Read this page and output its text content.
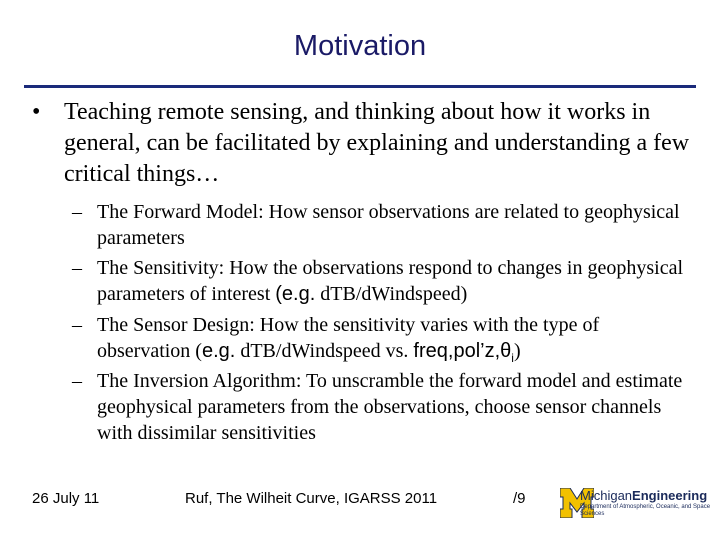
Motivation
• Teaching remote sensing, and thinking about how it works in general, can be facilitated by explaining and understanding a few critical things…
– The Forward Model: How sensor observations are related to geophysical parameters
– The Sensitivity: How the observations respond to changes in geophysical parameters of interest (e.g. dTB/dWindspeed)
– The Sensor Design: How the sensitivity varies with the type of observation (e.g. dTB/dWindspeed vs. $freq,pol’z,\theta_i$)
– The Inversion Algorithm: To unscramble the forward model and estimate geophysical parameters from the observations, choose sensor channels with dissimilar sensitivities
26 July 11	Ruf, The Wilheit Curve, IGARSS 2011	/9	MichiganEngineering
Department of Atmospheric, Oceanic, and Space Sciences
